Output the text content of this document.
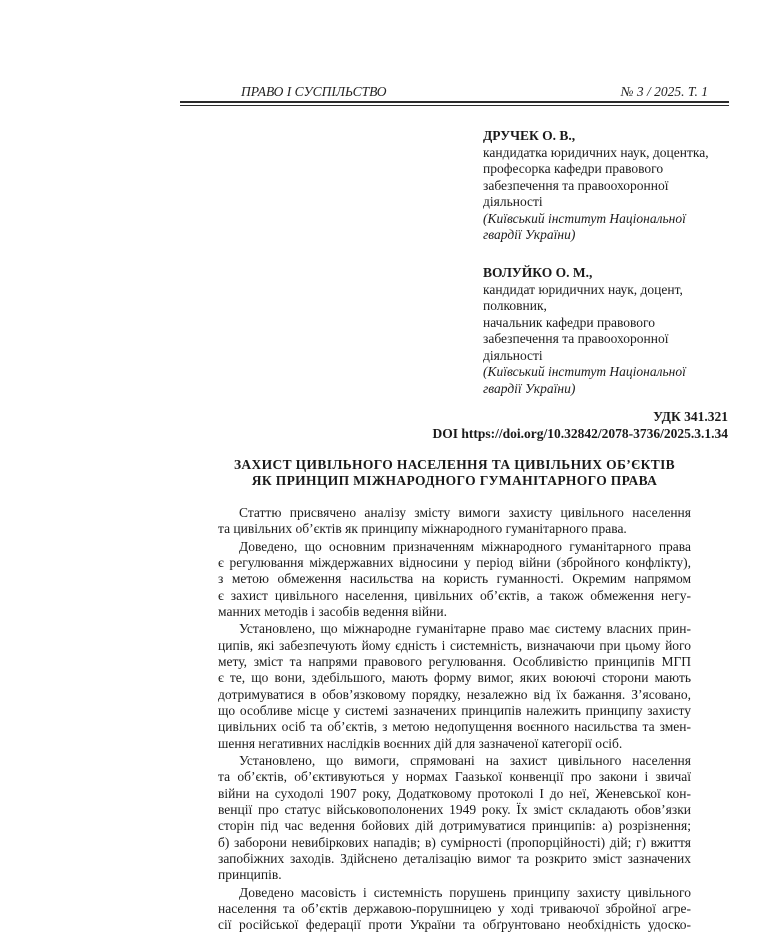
ПРАВО І СУСПІЛЬСТВО	№ 3 / 2025. Т. 1
ДРУЧЕК О. В.,
кандидатка юридичних наук, доцентка,
професорка кафедри правового
забезпечення та правоохоронної
діяльності
(Київський інститут Національної
гвардії України)
ВОЛУЙКО О. М.,
кандидат юридичних наук, доцент,
полковник,
начальник кафедри правового
забезпечення та правоохоронної
діяльності
(Київський інститут Національної
гвардії України)
УДК 341.321
DOI https://doi.org/10.32842/2078-3736/2025.3.1.34
ЗАХИСТ ЦИВІЛЬНОГО НАСЕЛЕННЯ ТА ЦИВІЛЬНИХ ОБ’ЄКТІВ
ЯК ПРИНЦИП МІЖНАРОДНОГО ГУМАНІТАРНОГО ПРАВА

Статтю присвячено аналізу змісту вимоги захисту цивільного населення
та цивільних об’єктів як принципу міжнародного гуманітарного права.

Доведено, що основним призначенням міжнародного гуманітарного права
є регулювання міждержавних відносини у період війни (збройного конфлікту),
з метою обмеження насильства на користь гуманності. Окремим напрямом
є захист цивільного населення, цивільних об’єктів, а також обмеження негу-
манних методів і засобів ведення війни.

Установлено, що міжнародне гуманітарне право має систему власних прин-
ципів, які забезпечують йому єдність і системність, визначаючи при цьому його
мету, зміст та напрями правового регулювання. Особливістю принципів МГП
є те, що вони, здебільшого, мають форму вимог, яких воюючі сторони мають
дотримуватися в обов’язковому порядку, незалежно від їх бажання. З’ясовано,
що особливе місце у системі зазначених принципів належить принципу захисту
цивільних осіб та об’єктів, з метою недопущення воєнного насильства та змен-
шення негативних наслідків воєнних дій для зазначеної категорії осіб.

Установлено, що вимоги, спрямовані на захист цивільного населення
та об’єктів, об’єктивуються у нормах Гаазької конвенції про закони і звичаї
війни на суходолі 1907 року, Додатковому протоколі І до неї, Женевської кон-
венції про статус військовополонених 1949 року. Їх зміст складають обов’язки
сторін під час ведення бойових дій дотримуватися принципів: а) розрізнення;
б) заборони невибіркових нападів; в) сумірності (пропорційності) дій; г) вжиття
запобіжних заходів. Здійснено деталізацію вимог та розкрито зміст зазначених
принципів.

Доведено масовість і системність порушень принципу захисту цивільного
населення та об’єктів державою-порушницею у ході триваючої збройної агре-
сії російської федерації проти України та обґрунтовано необхідність удоско-
